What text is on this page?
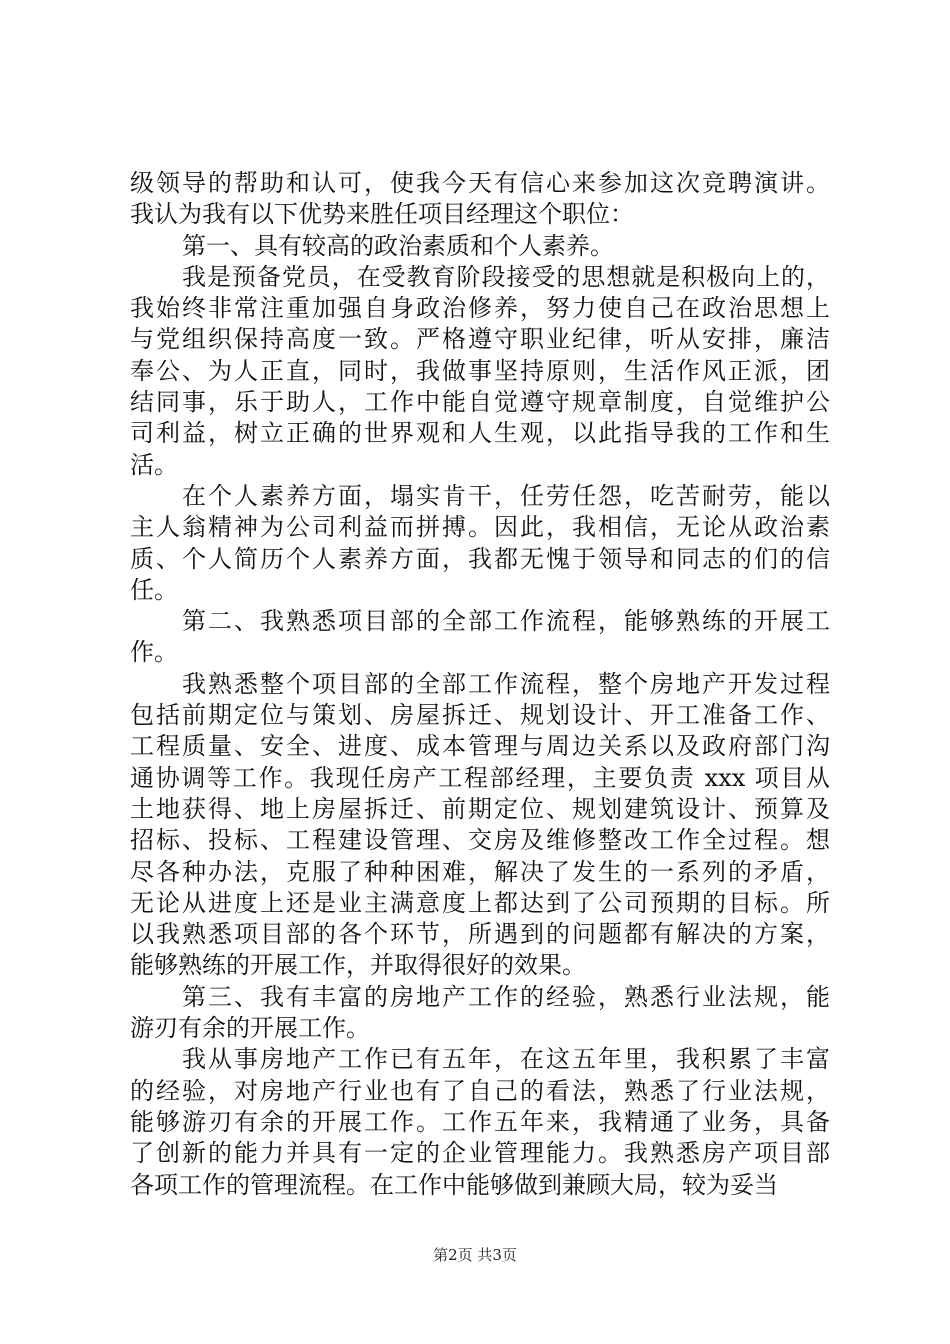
级领导的帮助和认可，使我今天有信心来参加这次竞聘演讲。
我认为我有以下优势来胜任项目经理这个职位：
第一、具有较高的政治素质和个人素养。
我是预备党员，在受教育阶段接受的思想就是积极向上的，
我始终非常注重加强自身政治修养，努力使自己在政治思想上
与党组织保持高度一致。严格遵守职业纪律，听从安排，廉洁
奉公、为人正直，同时，我做事坚持原则，生活作风正派，团
结同事，乐于助人，工作中能自觉遵守规章制度，自觉维护公
司利益，树立正确的世界观和人生观，以此指导我的工作和生
活。
在个人素养方面，塌实肯干，任劳任怨，吃苦耐劳，能以
主人翁精神为公司利益而拼搏。因此，我相信，无论从政治素
质、个人简历个人素养方面，我都无愧于领导和同志的们的信
任。
第二、我熟悉项目部的全部工作流程，能够熟练的开展工
作。
我熟悉整个项目部的全部工作流程，整个房地产开发过程
包括前期定位与策划、房屋拆迁、规划设计、开工准备工作、
工程质量、安全、进度、成本管理与周边关系以及政府部门沟
通协调等工作。我现任房产工程部经理，主要负责 xxx 项目从
土地获得、地上房屋拆迁、前期定位、规划建筑设计、预算及
招标、投标、工程建设管理、交房及维修整改工作全过程。想
尽各种办法，克服了种种困难，解决了发生的一系列的矛盾，
无论从进度上还是业主满意度上都达到了公司预期的目标。所
以我熟悉项目部的各个环节，所遇到的问题都有解决的方案，
能够熟练的开展工作，并取得很好的效果。
第三、我有丰富的房地产工作的经验，熟悉行业法规，能
游刃有余的开展工作。
我从事房地产工作已有五年，在这五年里，我积累了丰富
的经验，对房地产行业也有了自己的看法，熟悉了行业法规，
能够游刃有余的开展工作。工作五年来，我精通了业务，具备
了创新的能力并具有一定的企业管理能力。我熟悉房产项目部
各项工作的管理流程。在工作中能够做到兼顾大局，较为妥当
第2页 共3页
